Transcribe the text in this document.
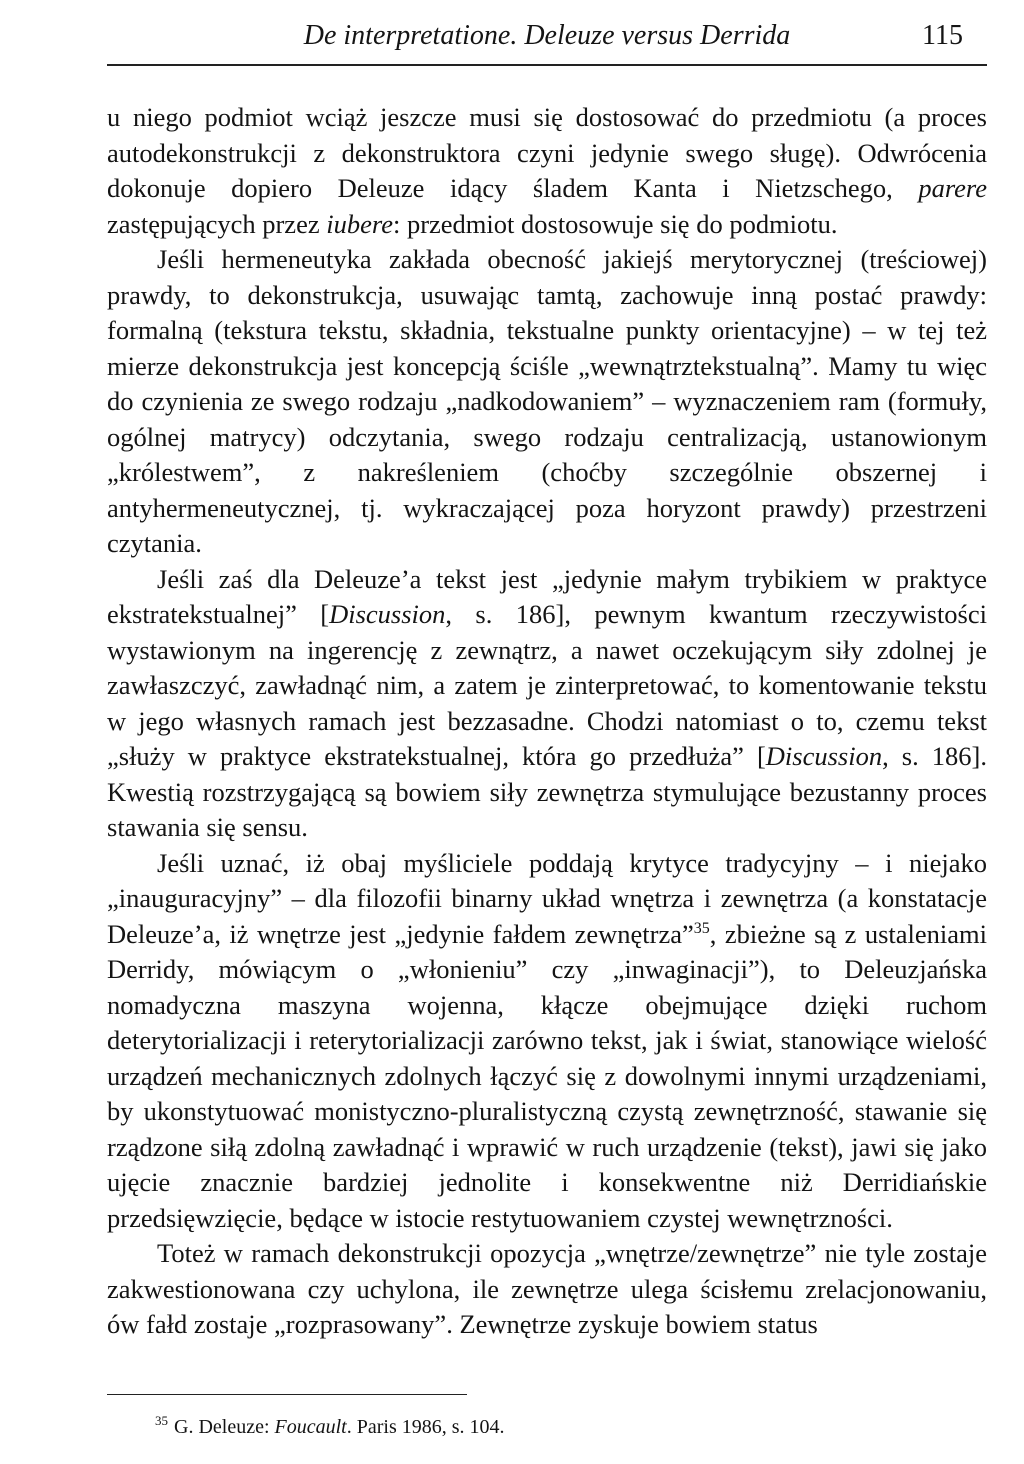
De interpretatione. Deleuze versus Derrida	115

u niego podmiot wciąż jeszcze musi się dostosować do przedmiotu (a proces autodekonstrukcji z dekonstruktora czyni jedynie swego sługę). Odwrócenia dokonuje dopiero Deleuze idący śladem Kanta i Nietzschego, parere zastępujących przez iubere: przedmiot dostosowuje się do podmiotu.

Jeśli hermeneutyka zakłada obecność jakiejś merytorycznej (treściowej) prawdy, to dekonstrukcja, usuwając tamtą, zachowuje inną postać prawdy: formalną (tekstura tekstu, składnia, tekstualne punkty orientacyjne) – w tej też mierze dekonstrukcja jest koncepcją ściśle „wewnątrztekstualną”. Mamy tu więc do czynienia ze swego rodzaju „nadkodowaniem” – wyznaczeniem ram (formuły, ogólnej matrycy) odczytania, swego rodzaju centralizacją, ustanowionym „królestwem”, z nakreśleniem (choćby szczególnie obszernej i antyhermeneutycznej, tj. wykraczającej poza horyzont prawdy) przestrzeni czytania.

Jeśli zaś dla Deleuze’a tekst jest „jedynie małym trybikiem w praktyce ekstratekstualnej” [Discussion, s. 186], pewnym kwantum rzeczywistości wystawionym na ingerencję z zewnątrz, a nawet oczekującym siły zdolnej je zawłaszczyć, zawładnąć nim, a zatem je zinterpretować, to komentowanie tekstu w jego własnych ramach jest bezzasadne. Chodzi natomiast o to, czemu tekst „służy w praktyce ekstratekstualnej, która go przedłuża” [Discussion, s. 186]. Kwestią rozstrzygającą są bowiem siły zewnętrza stymulujące bezustanny proces stawania się sensu.

Jeśli uznać, iż obaj myśliciele poddają krytyce tradycyjny – i niejako „inauguracyjny” – dla filozofii binarny układ wnętrza i zewnętrza (a konstatacje Deleuze’a, iż wnętrze jest „jedynie fałdem zewnętrza”$^{35}$, zbieżne są z ustaleniami Derridy, mówiącym o „włonieniu” czy „inwaginacji”), to Deleuzjańska nomadyczna maszyna wojenna, kłącze obejmujące dzięki ruchom deterytorializacji i reterytorializacji zarówno tekst, jak i świat, stanowiące wielość urządzeń mechanicznych zdolnych łączyć się z dowolnymi innymi urządzeniami, by ukonstytuować monistyczno-pluralistyczną czystą zewnętrzność, stawanie się rządzone siłą zdolną zawładnąć i wprawić w ruch urządzenie (tekst), jawi się jako ujęcie znacznie bardziej jednolite i konsekwentne niż Derridiańskie przedsięwzięcie, będące w istocie restytuowaniem czystej wewnętrzności.

Toteż w ramach dekonstrukcji opozycja „wnętrze/zewnętrze” nie tyle zostaje zakwestionowana czy uchylona, ile zewnętrze ulega ścisłemu zrelacjonowaniu, ów fałd zostaje „rozprasowany”. Zewnętrze zyskuje bowiem status

$^{35}$ G. Deleuze: Foucault. Paris 1986, s. 104.
